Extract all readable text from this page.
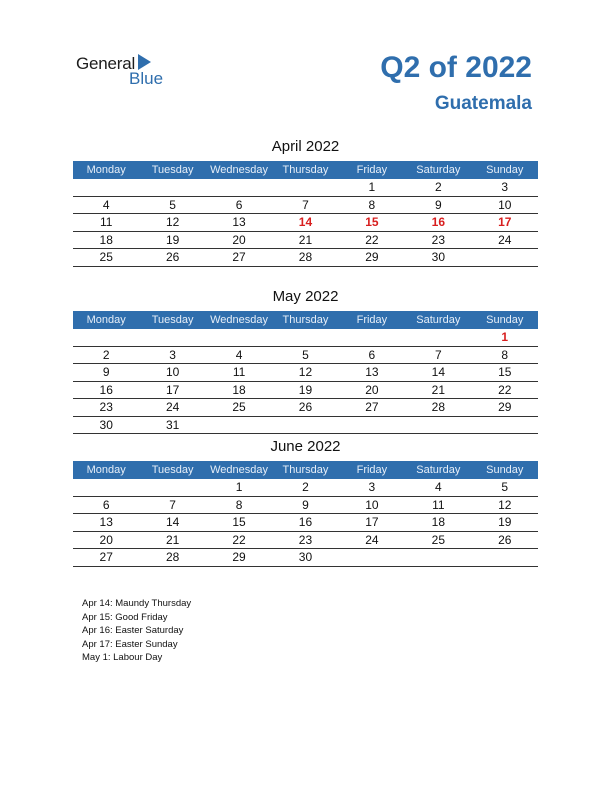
General
Blue	Q2 of 2022
Guatemala
April 2022
Monday	Tuesday	Wednesday	Thursday	Friday	Saturday	Sunday
				1	2	3
4	5	6	7	8	9	10
11	12	13	14	15	16	17
18	19	20	21	22	23	24
25	26	27	28	29	30	
May 2022
Monday	Tuesday	Wednesday	Thursday	Friday	Saturday	Sunday
						1
2	3	4	5	6	7	8
9	10	11	12	13	14	15
16	17	18	19	20	21	22
23	24	25	26	27	28	29
30	31					
June 2022
Monday	Tuesday	Wednesday	Thursday	Friday	Saturday	Sunday
		1	2	3	4	5
6	7	8	9	10	11	12
13	14	15	16	17	18	19
20	21	22	23	24	25	26
27	28	29	30			
Apr 14: Maundy Thursday
Apr 15: Good Friday
Apr 16: Easter Saturday
Apr 17: Easter Sunday
May 1: Labour Day
